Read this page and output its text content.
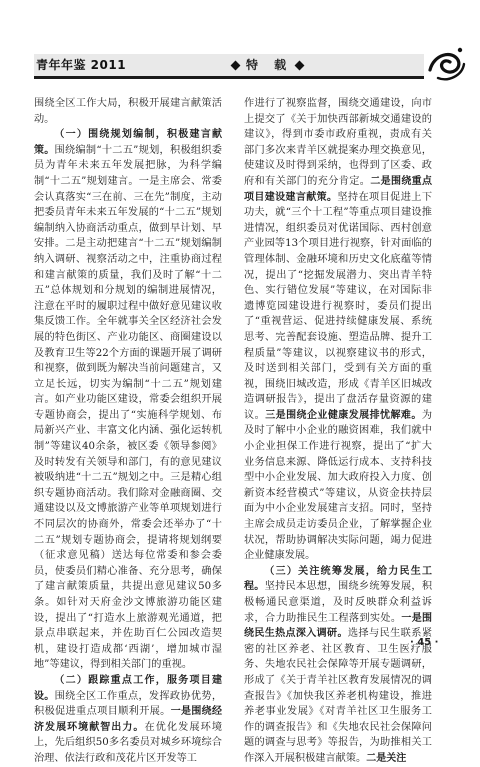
青年年鉴 2011	特 载

围绕全区工作大局，积极开展建言献策活动。

（一）围绕规划编制，积极建言献策。围绕编制“十二五”规划，积极组织委员为青年未来五年发展把脉，为科学编制“十二五”规划建言。一是主席会、常委会认真落实“三在前、三在先”制度，主动把委员青年未来五年发展的“十二五”规划编制纳入协商活动重点，做到早计划、早安排。二是主动把建言“十二五”规划编制纳入调研、视察活动之中，注重协商过程和建言献策的质量，我们及时了解“十二五”总体规划和分规划的编制进展情况，注意在平时的履职过程中做好意见建议收集反馈工作。全年就事关全区经济社会发展的特色街区、产业功能区、商圈建设以及教育卫生等22个方面的课题开展了调研和视察，做到既为解决当前问题建言，又立足长远，切实为编制“十二五”规划建言。如产业功能区建设，常委会组织开展专题协商会，提出了“实施科学规划、布局新兴产业、丰富文化内涵、强化运转机制”等建议40余条，被区委《领导参阅》及时转发有关领导和部门，有的意见建议被吸纳进“十二五”规划之中。三是精心组织专题协商活动。我们除对金融商圈、交通建设以及文博旅游产业等单项规划进行不同层次的协商外，常委会还举办了“十二五”规划专题协商会，提请将规划纲要（征求意见稿）送达每位常委和参会委员，使委员们精心准备、充分思考，确保了建言献策质量，共提出意见建议50多条。如针对天府金沙文博旅游功能区建设，提出了“打造水上旅游观光通道，把景点串联起来，并佐助百仁公园改造契机，建设打造成都‘西湖’，增加城市湿地”等建议，得到相关部门的重视。

（二）跟踪重点工作，服务项目建设。围绕全区工作重点，发挥政协优势，积极促进重点项目顺利开展。一是围绕经济发展环境献智出力。在优化发展环境上，先后组织50多名委员对城乡环境综合治理、依法行政和茂花片区开发等工

作进行了视察监督，围绕交通建设，向市上提交了《关于加快西部新城交通建设的建议》，得到市委市政府重视，责成有关部门多次来青羊区就提案办理交换意见，使建议及时得到采纳，也得到了区委、政府和有关部门的充分肯定。二是围绕重点项目建设建言献策。坚持在项目促进上下功夫，就“三个十工程”等重点项目建设推进情况，组织委员对优诺国际、西村创意产业园等13个项目进行视察，针对面临的管理体制、金融环境和历史文化底蕴等情况，提出了“挖掘发展潜力、突出青羊特色、实行错位发展”等建议，在对国际非遗博览园建设进行视察时，委员们提出了“重视营运、促进持续健康发展、系统思考、完善配套设施、塑造品牌、提升工程质量”等建议，以视察建议书的形式，及时送到相关部门，受到有关方面的重视，围绕旧城改造，形成《青羊区旧城改造调研报告》，提出了盘活存量资源的建议。三是围绕企业健康发展排忧解难。为及时了解中小企业的融资困难，我们就中小企业担保工作进行视察，提出了“扩大业务信息来源、降低运行成本、支持科技型中小企业发展、加大政府投入力度、创新资本经营模式”等建议，从资金扶持层面为中小企业发展建言支招。同时，坚持主席会成员走访委员企业，了解掌握企业状况，帮助协调解决实际问题，竭力促进企业健康发展。

（三）关注统筹发展，给力民生工程。坚持民本思想，围绕乡统筹发展，积极畅通民意渠道，及时反映群众利益诉求，合力助推民生工程落到实处。一是围绕民生热点深入调研。选择与民生联系紧密的社区养老、社区教育、卫生医疗服务、失地农民社会保障等开展专题调研，形成了《关于青羊社区教育发展情况的调查报告》《加快我区养老机构建设，推进养老事业发展》《对青羊社区卫生服务工作的调查报告》和《失地农民社会保障问题的调查与思考》等报告，为助推相关工作深入开展积极建言献策。二是关注

· 45 ·
